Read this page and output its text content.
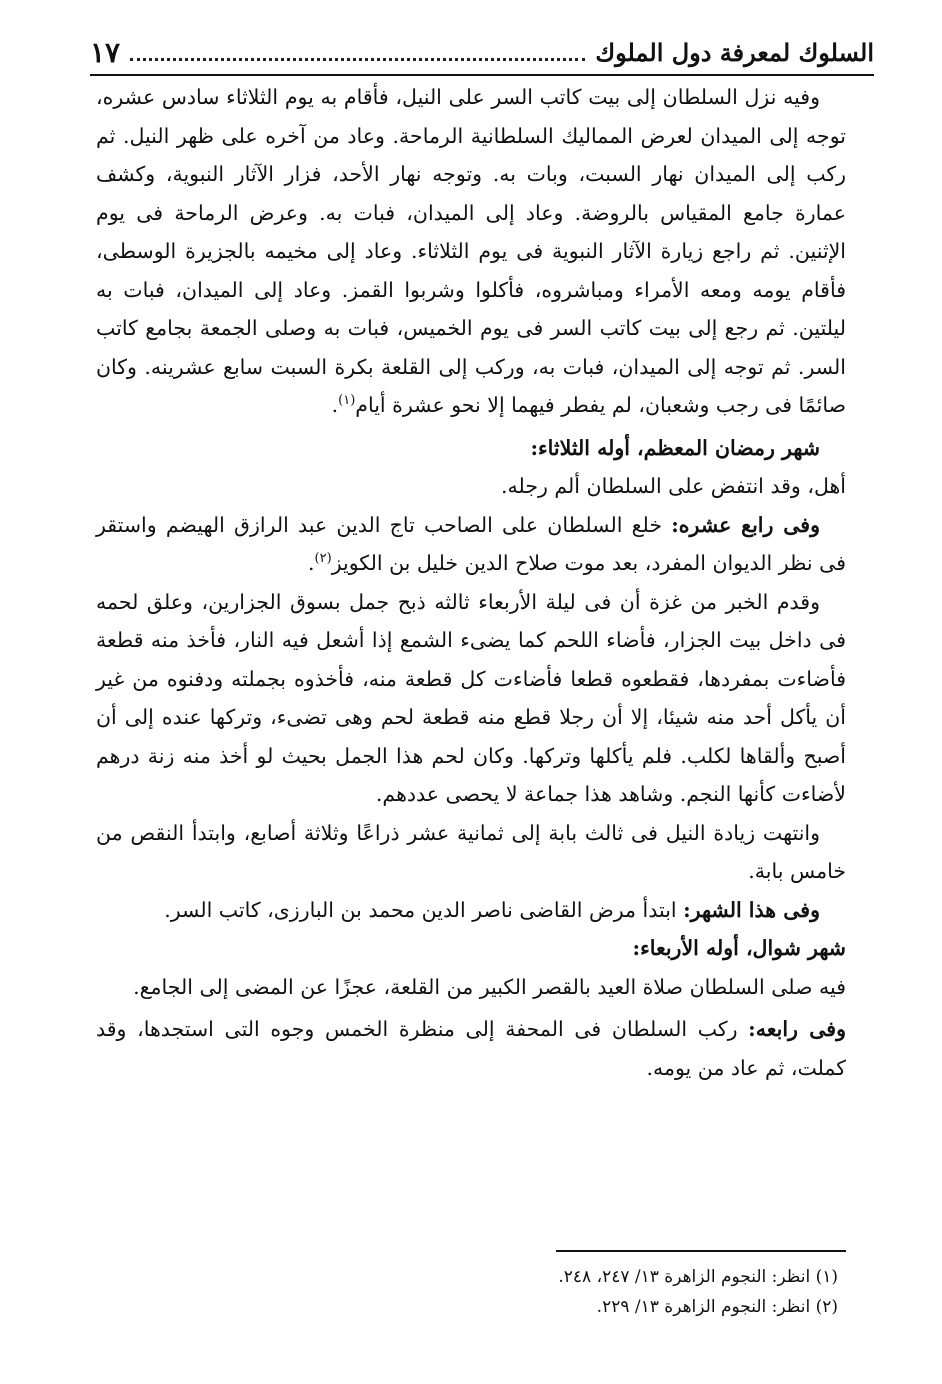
السلوك لمعرفة دول الملوك
١٧

وفيه نزل السلطان إلى بيت كاتب السر على النيل، فأقام به يوم الثلاثاء سادس عشره، توجه إلى الميدان لعرض المماليك السلطانية الرماحة. وعاد من آخره على ظهر النيل. ثم ركب إلى الميدان نهار السبت، وبات به. وتوجه نهار الأحد، فزار الآثار النبوية، وكشف عمارة جامع المقياس بالروضة. وعاد إلى الميدان، فبات به. وعرض الرماحة فى يوم الإثنين. ثم راجع زيارة الآثار النبوية فى يوم الثلاثاء. وعاد إلى مخيمه بالجزيرة الوسطى، فأقام يومه ومعه الأمراء ومباشروه، فأكلوا وشربوا القمز. وعاد إلى الميدان، فبات به ليلتين. ثم رجع إلى بيت كاتب السر فى يوم الخميس، فبات به وصلى الجمعة بجامع كاتب السر. ثم توجه إلى الميدان، فبات به، وركب إلى القلعة بكرة السبت سابع عشرينه. وكان صائمًا فى رجب وشعبان، لم يفطر فيهما إلا نحو عشرة أيام$^{(١)}$.

شهر رمضان المعظم، أوله الثلاثاء:

أهل، وقد انتفض على السلطان ألم رجله.

وفى رابع عشره: خلع السلطان على الصاحب تاج الدين عبد الرازق الهيضم واستقر فى نظر الديوان المفرد، بعد موت صلاح الدين خليل بن الكويز$^{(٢)}$.

وقدم الخبر من غزة أن فى ليلة الأربعاء ثالثه ذبح جمل بسوق الجزارين، وعلق لحمه فى داخل بيت الجزار، فأضاء اللحم كما يضىء الشمع إذا أشعل فيه النار، فأخذ منه قطعة فأضاءت بمفردها، فقطعوه قطعا فأضاءت كل قطعة منه، فأخذوه بجملته ودفنوه من غير أن يأكل أحد منه شيئا، إلا أن رجلا قطع منه قطعة لحم وهى تضىء، وتركها عنده إلى أن أصبح وألقاها لكلب. فلم يأكلها وتركها. وكان لحم هذا الجمل بحيث لو أخذ منه زنة درهم لأضاءت كأنها النجم. وشاهد هذا جماعة لا يحصى عددهم.

وانتهت زيادة النيل فى ثالث بابة إلى ثمانية عشر ذراعًا وثلاثة أصابع، وابتدأ النقص من خامس بابة.

وفى هذا الشهر: ابتدأ مرض القاضى ناصر الدين محمد بن البارزى، كاتب السر.

شهر شوال، أوله الأربعاء:

فيه صلى السلطان صلاة العيد بالقصر الكبير من القلعة، عجزًا عن المضى إلى الجامع.

وفى رابعه: ركب السلطان فى المحفة إلى منظرة الخمس وجوه التى استجدها، وقد كملت، ثم عاد من يومه.

(١) انظر: النجوم الزاهرة ١٣/ ٢٤٧، ٢٤٨.

(٢) انظر: النجوم الزاهرة ١٣/ ٢٢٩.
